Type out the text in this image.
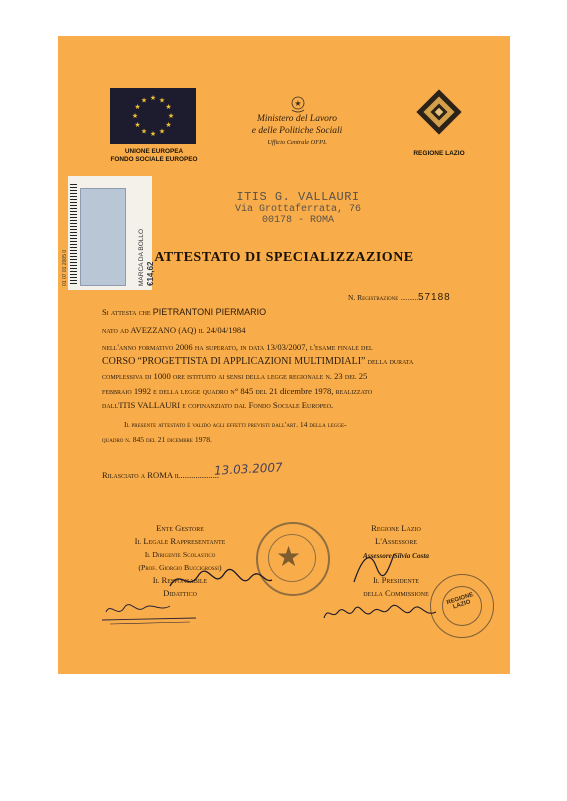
★ ★
★
★
★
★
★
★
★
★
★
★
UNIONE EUROPEA
FONDO SOCIALE EUROPEO
★
Ministero del Lavoro
e delle Politiche Sociali
Ufficio Centrale OFPL
REGIONE LAZIO
MARCA DA BOLLO €14,62
01 07 01 2005 0
ITIS G. VALLAURI
Via Grottaferrata, 76
00178 - ROMA
ATTESTATO DI SPECIALIZZAZIONE
N. Registrazione ..........57188
Si attesta che PIETRANTONI PIERMARIO
nato ad AVEZZANO (AQ) il 24/04/1984
nell'anno formativo 2006 ha superato, in data 13/03/2007, l'esame finale del
CORSO “PROGETTISTA DI APPLICAZIONI MULTIMDIALI” della durata
complessiva di 1000 ore istituito ai sensi della legge regionale n. 23 del 25
febbraio 1992 e della legge quadro n° 845 del 21 dicembre 1978, realizzato
dall'ITIS VALLAURI e cofinanziato dal Fondo Sociale Europeo.
Il presente attestato è valido agli effetti previsti dall'art. 14 della legge-
quadro n. 845 del 21 dicembre 1978.
Rilasciato a ROMA il..................
13.03.2007
★
Ente Gestore
Il Legale Rappresentante
Il Dirigente Scolastico
(Prof. Giorgio Buccigrossi)
Il Responsabile
Didattico
Regione Lazio
L'Assessore
Assessore Silvia Costa
Il Presidente
della Commissione	REGIONE LAZIO
